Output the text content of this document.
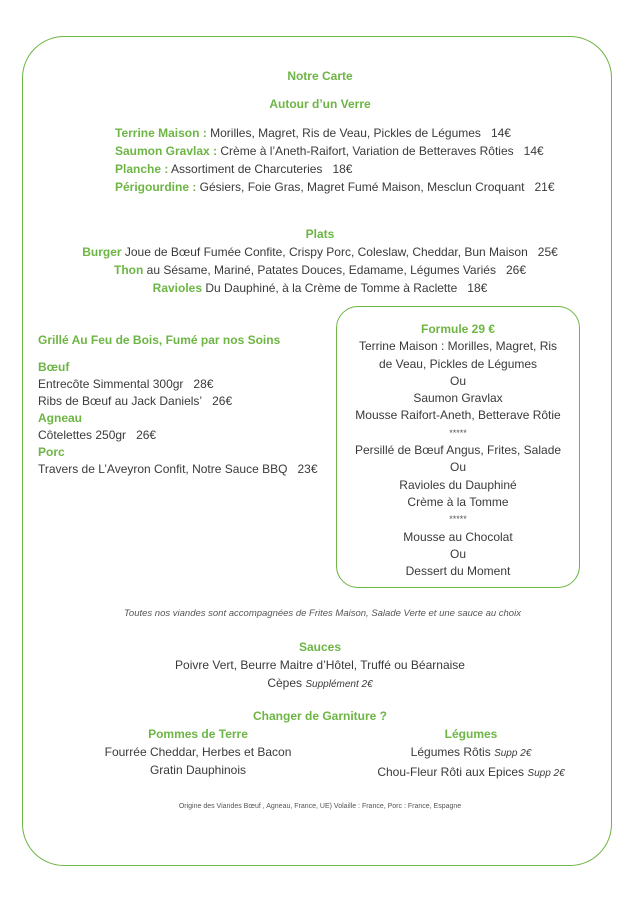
Notre Carte
Autour d’un Verre
Terrine Maison : Morilles, Magret, Ris de Veau, Pickles de Légumes 14€
Saumon Gravlax : Crème à l’Aneth-Raifort, Variation de Betteraves Rôties 14€
Planche : Assortiment de Charcuteries 18€
Périgourdine : Gésiers, Foie Gras, Magret Fumé Maison, Mesclun Croquant 21€
Plats
Burger Joue de Bœuf Fumée Confite, Crispy Porc, Coleslaw, Cheddar, Bun Maison 25€
Thon au Sésame, Mariné, Patates Douces, Edamame, Légumes Variés 26€
Ravioles Du Dauphiné, à la Crème de Tomme à Raclette 18€
Grillé Au Feu de Bois, Fumé par nos Soins
Bœuf
Entrecôte Simmental 300gr 28€
Ribs de Bœuf au Jack Daniels’ 26€
Agneau
Côtelettes 250gr 26€
Porc
Travers de L’Aveyron Confit, Notre Sauce BBQ 23€
Formule 29 €
Terrine Maison : Morilles, Magret, Ris
de Veau, Pickles de Légumes
Ou
Saumon Gravlax
Mousse Raifort-Aneth, Betterave Rôtie
*****
Persillé de Bœuf Angus, Frites, Salade
Ou
Ravioles du Dauphiné
Crème à la Tomme
*****
Mousse au Chocolat
Ou
Dessert du Moment
Toutes nos viandes sont accompagnées de Frites Maison, Salade Verte et une sauce au choix
Sauces
Poivre Vert, Beurre Maitre d’Hôtel, Truffé ou Béarnaise
Cèpes Supplément 2€
Changer de Garniture ?
Pommes de Terre
Fourrée Cheddar, Herbes et Bacon
Gratin Dauphinois
Légumes
Légumes Rôtis Supp 2€
Chou-Fleur Rôti aux Epices Supp 2€
Origine des Viandes Bœuf , Agneau, France, UE) Volaille : France, Porc : France, Espagne
